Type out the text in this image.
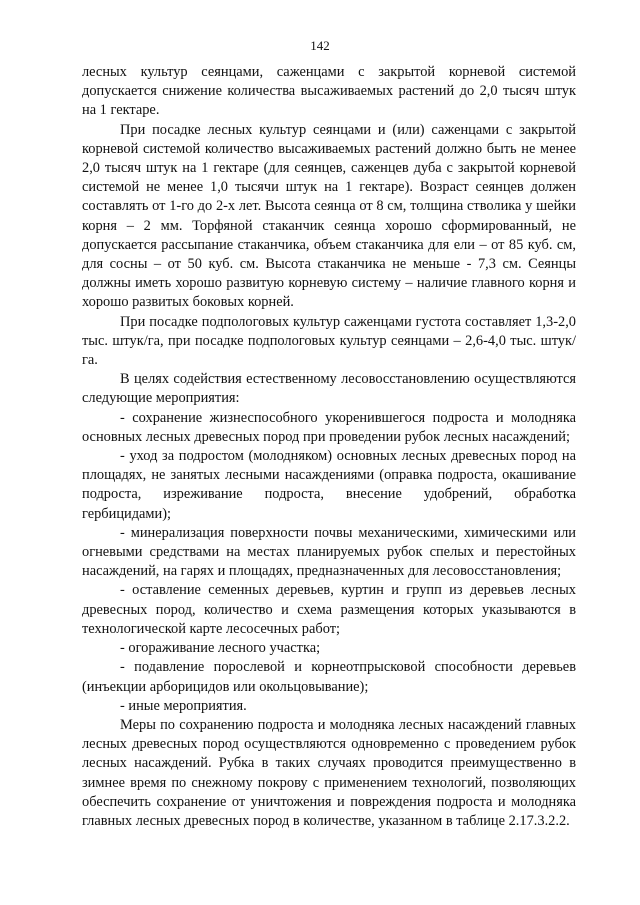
142

лесных культур сеянцами, саженцами с закрытой корневой системой допускается снижение количества высаживаемых растений до 2,0 тысяч штук на 1 гектаре.

При посадке лесных культур сеянцами и (или) саженцами с закрытой корневой системой количество высаживаемых растений должно быть не менее 2,0 тысяч штук на 1 гектаре (для сеянцев, саженцев дуба с закрытой корневой системой не менее 1,0 тысячи штук на 1 гектаре). Возраст сеянцев должен составлять от 1-го до 2-х лет. Высота сеянца от 8 см, толщина стволика у шейки корня – 2 мм. Торфяной стаканчик сеянца хорошо сформированный, не допускается рассыпание стаканчика, объем стаканчика для ели – от 85 куб. см, для сосны – от 50 куб. см. Высота стаканчика не меньше - 7,3 см. Сеянцы должны иметь хорошо развитую корневую систему – наличие главного корня и хорошо развитых боковых корней.

При посадке подпологовых культур саженцами густота составляет 1,3-2,0 тыс. штук/га, при посадке подпологовых культур сеянцами – 2,6-4,0 тыс. штук/га.

В целях содействия естественному лесовосстановлению осуществляются следующие мероприятия:

- сохранение жизнеспособного укоренившегося подроста и молодняка основных лесных древесных пород при проведении рубок лесных насаждений;

- уход за подростом (молодняком) основных лесных древесных пород на площадях, не занятых лесными насаждениями (оправка подроста, окашивание подроста, изреживание подроста, внесение удобрений, обработка гербицидами);

- минерализация поверхности почвы механическими, химическими или огневыми средствами на местах планируемых рубок спелых и перестойных насаждений, на гарях и площадях, предназначенных для лесовосстановления;

- оставление семенных деревьев, куртин и групп из деревьев лесных древесных пород, количество и схема размещения которых указываются в технологической карте лесосечных работ;

- огораживание лесного участка;

- подавление порослевой и корнеотпрысковой способности деревьев (инъекции арборицидов или окольцовывание);

- иные мероприятия.

Меры по сохранению подроста и молодняка лесных насаждений главных лесных древесных пород осуществляются одновременно с проведением рубок лесных насаждений. Рубка в таких случаях проводится преимущественно в зимнее время по снежному покрову с применением технологий, позволяющих обеспечить сохранение от уничтожения и повреждения подроста и молодняка главных лесных древесных пород в количестве, указанном в таблице 2.17.3.2.2.
